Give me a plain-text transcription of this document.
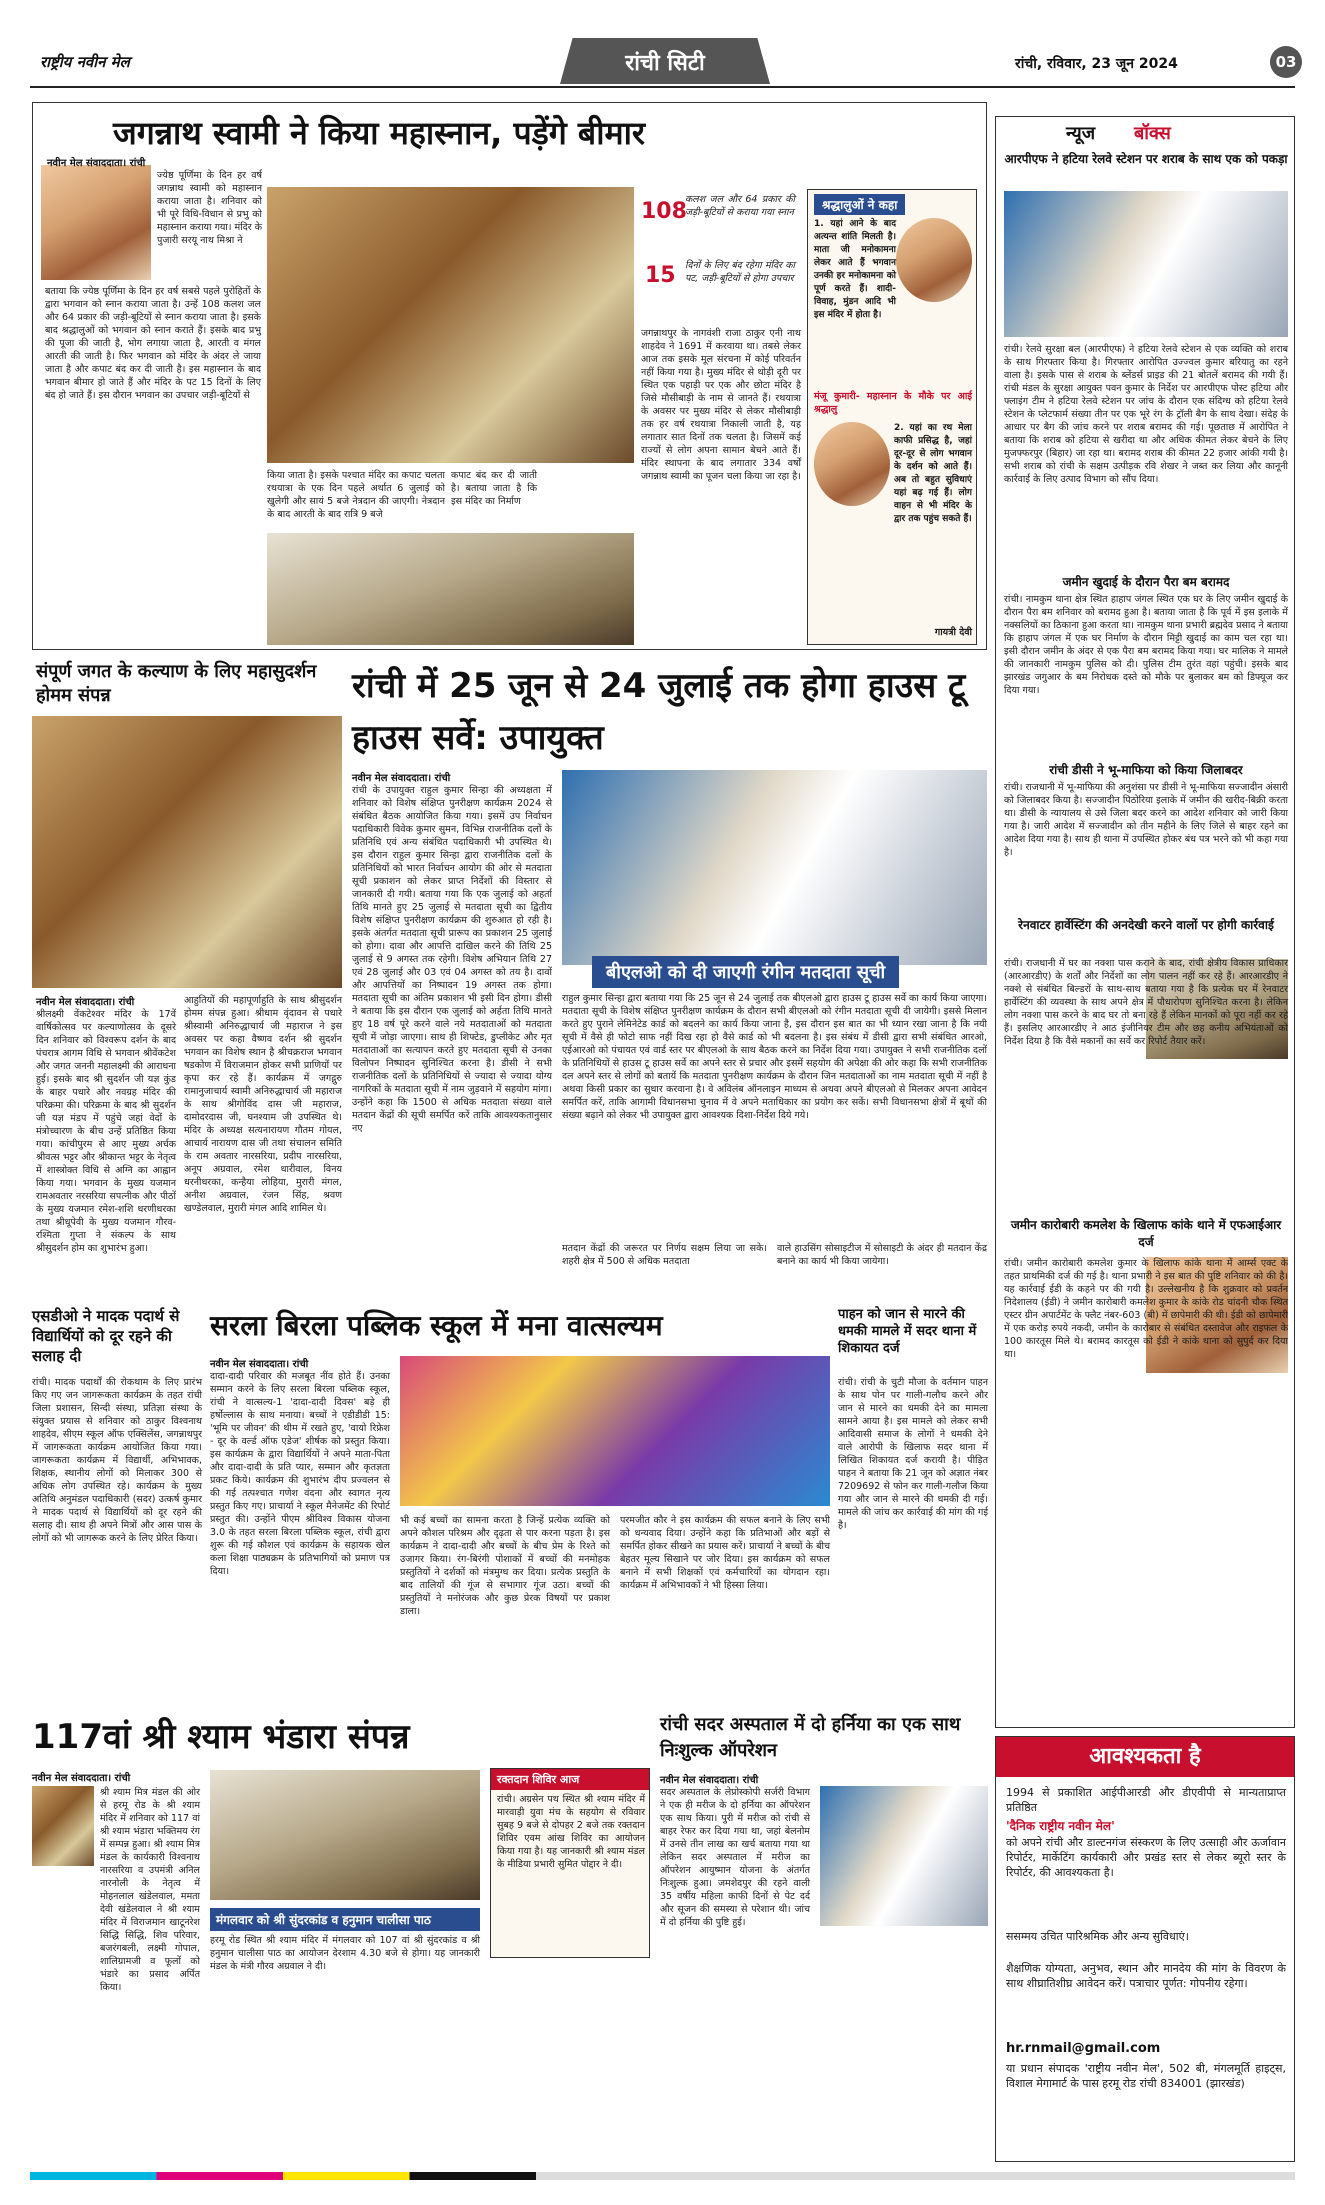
राष्ट्रीय नवीन मेल	रांची सिटी	रांची, रविवार, 23 जून 2024	03
जगन्नाथ स्वामी ने किया महास्नान, पड़ेंगे बीमार
नवीन मेल संवाददाता। रांची
ज्येष्ठ पूर्णिमा के दिन हर वर्ष जगन्नाथ स्वामी को महास्नान कराया जाता है। शनिवार को भी पूरे विधि-विधान से प्रभु को महास्नान कराया गया। मंदिर के पुजारी सरयू नाथ मिश्रा ने
बताया कि ज्येष्ठ पूर्णिमा के दिन हर वर्ष सबसे पहले पुरोहितों के द्वारा भगवान को स्नान कराया जाता है। उन्हें 108 कलश जल और 64 प्रकार की जड़ी-बूटियों से स्नान कराया जाता है। इसके बाद श्रद्धालुओं को भगवान को स्नान कराते हैं। इसके बाद प्रभु की पूजा की जाती है, भोग लगाया जाता है, आरती व मंगल आरती की जाती है। फिर भगवान को मंदिर के अंदर ले जाया जाता है और कपाट बंद कर दी जाती है। इस महास्नान के बाद भगवान बीमार हो जाते हैं और मंदिर के पट 15 दिनों के लिए बंद हो जाते हैं। इस दौरान भगवान का उपचार जड़ी-बूटियों से
किया जाता है। इसके पश्चात मंदिर का कपाट चलता रथयात्रा के एक दिन पहले अर्थात 6 जुलाई को खुलेगी और सायं 5 बजे नेत्रदान की जाएगी। नेत्रदान के बाद आरती के बाद रात्रि 9 बजे
कपाट बंद कर दी जाती है। बताया जाता है कि इस मंदिर का निर्माण
108
कलश जल और 64 प्रकार की जड़ी-बूटियों से कराया गया स्नान
15 दिनों के लिए बंद रहेगा मंदिर का पट, जड़ी-बूटियों से होगा उपचार
जगन्नाथपुर के नागवंशी राजा ठाकुर एनी नाथ शाहदेव ने 1691 में करवाया था। तबसे लेकर आज तक इसके मूल संरचना में कोई परिवर्तन नहीं किया गया है। मुख्य मंदिर से थोड़ी दूरी पर स्थित एक पहाड़ी पर एक और छोटा मंदिर है जिसे मौसीबाड़ी के नाम से जानते हैं। रथयात्रा के अवसर पर मुख्य मंदिर से लेकर मौसीबाड़ी तक हर वर्ष रथयात्रा निकाली जाती है, यह लगातार सात दिनों तक चलता है। जिसमें कई राज्यों से लोग अपना सामान बेचने आते हैं। मंदिर स्थापना के बाद लगातार 334 वर्षों जगन्नाथ स्वामी का पूजन चला किया जा रहा है।
श्रद्धालुओं ने कहा
1. यहां आने के बाद अत्यन्त शांति मिलती है। माता जी मनोकामना लेकर आते हैं भगवान उनकी हर मनोकामना को पूर्ण करते हैं। शादी-विवाह, मुंडन आदि भी इस मंदिर में होता है।
मंजू कुमारी- महास्नान के मौके पर आई श्रद्धालु
2. यहां का रथ मेला काफी प्रसिद्ध है, जहां दूर-दूर से लोग भगवान के दर्शन को आते हैं। अब तो बहुत सुविधाएं यहां बढ़ गई हैं। लोग वाहन से भी मंदिर के द्वार तक पहुंच सकते हैं।
गायत्री देवी
संपूर्ण जगत के कल्याण के लिए महासुदर्शन होमम संपन्न
नवीन मेल संवाददाता। रांची
श्रीलक्ष्मी वेंकटेश्वर मंदिर के 17वें वार्षिकोत्सव पर कल्याणोत्सव के दूसरे दिन शनिवार को विश्वरूप दर्शन के बाद पंचरात्र आगम विधि से भगवान श्रीवेंकटेश और जगत जननी महालक्ष्मी की आराधना हुई। इसके बाद श्री सुदर्शन जी यज्ञ कुंड के बाहर पधारे और नवग्रह मंदिर की परिक्रमा की। परिक्रमा के बाद श्री सुदर्शन जी यज्ञ मंडप में पहुंचे जहां वेदों के मंत्रोच्चारण के बीच उन्हें प्रतिष्ठित किया गया। कांचीपुरम से आए मुख्य अर्चक श्रीवत्स भट्टर और श्रीकान्त भट्टर के नेतृत्व में शास्त्रोक्त विधि से अग्नि का आह्वान किया गया। भगवान के मुख्य यजमान रामअवतार नरसरिया सपत्नीक और पीठों के मुख्य यजमान रमेश-शशि धरणीधरका तथा श्रीधूपेवी के मुख्य यजमान गौरव-रश्मिता गुप्ता ने संकल्प के साथ श्रीसुदर्शन होम का शुभारंभ हुआ।
आहुतियों की महापूर्णाहुति के साथ श्रीसुदर्शन होमम संपन्न हुआ। श्रीधाम वृंदावन से पधारे श्रीस्वामी अनिरुद्धाचार्य जी महाराज ने इस अवसर पर कहा वैष्णव दर्शन श्री सुदर्शन भगवान का विशेष स्थान है श्रीचक्रराज भगवान षडकोण में विराजमान होकर सभी प्राणियों पर कृपा कर रहे हैं। कार्यक्रम में जगद्गुरु रामानुजाचार्य स्वामी अनिरुद्धाचार्य जी महाराज के साथ श्रीगोविंद दास जी महाराज, दामोदरदास जी, घनश्याम जी उपस्थित थे। मंदिर के अध्यक्ष सत्यनारायण गौतम गोयल, आचार्य नारायण दास जी तथा संचालन समिति के राम अवतार नारसरिया, प्रदीप नारसरिया, अनूप अग्रवाल, रमेश धारीवाल, विनय धरनीधरका, कन्हैया लोहिया, मुरारी मंगल, अनीश अग्रवाल, रंजन सिंह, श्रवण खण्डेलवाल, मुरारी मंगल आदि शामिल थे।
रांची में 25 जून से 24 जुलाई तक होगा हाउस टू हाउस सर्वे: उपायुक्त
नवीन मेल संवाददाता। रांची
रांची के उपायुक्त राहुल कुमार सिन्हा की अध्यक्षता में शनिवार को विशेष संक्षिप्त पुनरीक्षण कार्यक्रम 2024 से संबंधित बैठक आयोजित किया गया। इसमें उप निर्वाचन पदाधिकारी विवेक कुमार सुमन, विभिन्न राजनीतिक दलों के प्रतिनिधि एवं अन्य संबंधित पदाधिकारी भी उपस्थित थे। इस दौरान राहुल कुमार सिन्हा द्वारा राजनीतिक दलों के प्रतिनिधियों को भारत निर्वाचन आयोग की ओर से मतदाता सूची प्रकाशन को लेकर प्राप्त निर्देशों की विस्तार से जानकारी दी गयी। बताया गया कि एक जुलाई को अहर्ता तिथि मानते हुए 25 जुलाई से मतदाता सूची का द्वितीय विशेष संक्षिप्त पुनरीक्षण कार्यक्रम की शुरुआत हो रही है। इसके अंतर्गत मतदाता सूची प्रारूप का प्रकाशन 25 जुलाई को होगा। दावा और आपत्ति दाखिल करने की तिथि 25 जुलाई से 9 अगस्त तक रहेगी। विशेष अभियान तिथि 27 एवं 28 जुलाई और 03 एवं 04 अगस्त को तय है। दावों और आपत्तियों का निष्पादन 19 अगस्त तक होगा। मतदाता सूची का अंतिम प्रकाशन भी इसी दिन होगा। डीसी ने बताया कि इस दौरान एक जुलाई को अर्हता तिथि मानते हुए 18 वर्ष पूरे करने वाले नये मतदाताओं को मतदाता सूची में जोड़ा जाएगा। साथ ही शिफ्टेड, डुप्लीकेट और मृत मतदाताओं का सत्यापन करते हुए मतदाता सूची से उनका विलोपन निष्पादन सुनिश्चित करना है। डीसी ने सभी राजनीतिक दलों के प्रतिनिधियों से ज्यादा से ज्यादा योग्य नागरिकों के मतदाता सूची में नाम जुड़वाने में सहयोग मांगा। उन्होंने कहा कि 1500 से अधिक मतदाता संख्या वाले मतदान केंद्रों की सूची समर्पित करें ताकि आवश्यकतानुसार नए
बीएलओ को दी जाएगी रंगीन मतदाता सूची
राहुल कुमार सिन्हा द्वारा बताया गया कि 25 जून से 24 जुलाई तक बीएलओ द्वारा हाउस टू हाउस सर्वे का कार्य किया जाएगा। मतदाता सूची के विशेष संक्षिप्त पुनरीक्षण कार्यक्रम के दौरान सभी बीएलओ को रंगीन मतदाता सूची दी जायेगी। इससे मिलान करते हुए पुराने लेमिनेटेड कार्ड को बदलने का कार्य किया जाना है, इस दौरान इस बात का भी ध्यान रखा जाना है कि नयी सूची में वैसे ही फोटो साफ नहीं दिख रहा हो वैसे कार्ड को भी बदलना है। इस संबंध में डीसी द्वारा सभी संबंधित आरओ, एईआरओ को पंचायत एवं वार्ड स्तर पर बीएलओ के साथ बैठक करने का निर्देश दिया गया। उपायुक्त ने सभी राजनीतिक दलों के प्रतिनिधियों से हाउस टू हाउस सर्वे का अपने स्तर से प्रचार और इसमें सहयोग की अपेक्षा की ओर कहा कि सभी राजनीतिक दल अपने स्तर से लोगों को बतायें कि मतदाता पुनरीक्षण कार्यक्रम के दौरान जिन मतदाताओं का नाम मतदाता सूची में नहीं है अथवा किसी प्रकार का सुधार करवाना है। वे अविलंब ऑनलाइन माध्यम से अथवा अपने बीएलओ से मिलकर अपना आवेदन समर्पित करें, ताकि आगामी विधानसभा चुनाव में वे अपने मताधिकार का प्रयोग कर सकें। सभी विधानसभा क्षेत्रों में बूथों की संख्या बढ़ाने को लेकर भी उपायुक्त द्वारा आवश्यक दिशा-निर्देश दिये गये।
मतदान केंद्रों की जरूरत पर निर्णय सक्षम लिया जा सके। शहरी क्षेत्र में 500 से अधिक मतदाता
वाले हाउसिंग सोसाइटीज में सोसाइटी के अंदर ही मतदान केंद्र बनाने का कार्य भी किया जायेगा।
एसडीओ ने मादक पदार्थ से विद्यार्थियों को दूर रहने की सलाह दी
रांची। मादक पदार्थों की रोकथाम के लिए प्रारंभ किए गए जन जागरूकता कार्यक्रम के तहत रांची जिला प्रशासन, सिन्दी संस्था, प्रतिज्ञा संस्था के संयुक्त प्रयास से शनिवार को ठाकुर विश्वनाथ शाहदेव, सीएम स्कूल ऑफ एक्सिलेंस, जगन्नाथपुर में जागरूकता कार्यक्रम आयोजित किया गया। जागरूकता कार्यक्रम में विद्यार्थी, अभिभावक, शिक्षक, स्थानीय लोगों को मिलाकर 300 से अधिक लोग उपस्थित रहे। कार्यक्रम के मुख्य अतिथि अनुमंडल पदाधिकारी (सदर) उत्कर्ष कुमार ने मादक पदार्थ से विद्यार्थियों को दूर रहने की सलाह दी। साथ ही अपने मित्रों और आस पास के लोगों को भी जागरूक करने के लिए प्रेरित किया।
सरला बिरला पब्लिक स्कूल में मना वात्सल्यम
नवीन मेल संवाददाता। रांची
दादा-दादी परिवार की मजबूत नींव होते हैं। उनका सम्मान करने के लिए सरला बिरला पब्लिक स्कूल, रांची ने वात्सल्य-1 'दादा-दादी दिवस' बड़े ही हर्षोल्लास के साथ मनाया। बच्चों ने एडीडीडी 15: 'भूमि पर जीवन' की थीम में रखते हुए, 'वायो रिफ्रेश - दूर के वर्ल्ड ऑफ एडेज' शीर्षक को प्रस्तुत किया। इस कार्यक्रम के द्वारा विद्यार्थियों ने अपने माता-पिता और दादा-दादी के प्रति प्यार, सम्मान और कृतज्ञता प्रकट किये। कार्यक्रम की शुभारंभ दीप प्रज्वलन से की गई तत्पश्चात गणेश वंदना और स्वागत नृत्य प्रस्तुत किए गए। प्राचार्या ने स्कूल मैनेजमेंट की रिपोर्ट प्रस्तुत की। उन्होंने पीएम श्रीविश्व विकास योजना 3.0 के तहत सरला बिरला पब्लिक स्कूल, रांची द्वारा शुरू की गई कौशल एवं कार्यक्रम के सहायक खेल कला शिक्षा पाठ्यक्रम के प्रतिभागियों को प्रमाण पत्र दिया।
भी कई बच्चों का सामना करता है जिन्हें प्रत्येक व्यक्ति को अपने कौशल परिश्रम और दृढ़ता से पार करना पड़ता है। इस कार्यक्रम ने दादा-दादी और बच्चों के बीच प्रेम के रिश्ते को उजागर किया। रंग-बिरंगी पोशाकों में बच्चों की मनमोहक प्रस्तुतियों ने दर्शकों को मंत्रमुग्ध कर दिया। प्रत्येक प्रस्तुति के बाद तालियों की गूंज से सभागार गूंज उठा। बच्चों की प्रस्तुतियों ने मनोरंजक और कुछ प्रेरक विषयों पर प्रकाश डाला।
परमजीत कौर ने इस कार्यक्रम की सफल बनाने के लिए सभी को धन्यवाद दिया। उन्होंने कहा कि प्रतिभाओं और बड़ों से समर्पित होकर सीखने का प्रयास करें। प्राचार्या ने बच्चों के बीच बेहतर मूल्य सिखाने पर जोर दिया। इस कार्यक्रम को सफल बनाने में सभी शिक्षकों एवं कर्मचारियों का योगदान रहा। कार्यक्रम में अभिभावकों ने भी हिस्सा लिया।
पाहन को जान से मारने की धमकी मामले में सदर थाना में शिकायत दर्ज
रांची। रांची के चुटी मौजा के वर्तमान पाहन के साथ पोन पर गाली-गलौच करने और जान से मारने का धमकी देने का मामला सामने आया है। इस मामले को लेकर सभी आदिवासी समाज के लोगों ने धमकी देने वाले आरोपी के खिलाफ सदर थाना में लिखित शिकायत दर्ज करायी है। पीड़ित पाहन ने बताया कि 21 जून को अज्ञात नंबर 7209692 से फोन कर गाली-गलौज किया गया और जान से मारने की धमकी दी गई। मामले की जांच कर कार्रवाई की मांग की गई है।
117वां श्री श्याम भंडारा संपन्न
नवीन मेल संवाददाता। रांची
श्री श्याम मित्र मंडल की ओर से हरमू रोड के श्री श्याम मंदिर में शनिवार को 117 वां श्री श्याम भंडारा भक्तिमय रंग में सम्पन्न हुआ। श्री श्याम मित्र मंडल के कार्यकारी विश्वनाथ नारसरिया व उपमंत्री अनिल नारनोली के नेतृत्व में मोहनलाल खंडेलवाल, ममता देवी खंडेलवाल ने श्री श्याम मंदिर में विराजमान खाटूनरेश सिद्धि सिद्धि, शिव परिवार, बजरंगबली, लक्ष्मी गोपाल, शालिग्रामजी व फूलों को भंडारे का प्रसाद अर्पित किया।
मंगलवार को श्री सुंदरकांड व हनुमान चालीसा पाठ
हरमू रोड स्थित श्री श्याम मंदिर में मंगलवार को 107 वां श्री सुंदरकांड व श्री हनुमान चालीसा पाठ का आयोजन देरशाम 4.30 बजे से होगा। यह जानकारी मंडल के मंत्री गौरव अग्रवाल ने दी।
रक्तदान शिविर आज
रांची। अग्रसेन पथ स्थित श्री श्याम मंदिर में मारवाड़ी युवा मंच के सहयोग से रविवार सुबह 9 बजे से दोपहर 2 बजे तक रक्तदान शिविर एवम आंख शिविर का आयोजन किया गया है। यह जानकारी श्री श्याम मंडल के मीडिया प्रभारी सुमित पोद्दार ने दी।
रांची सदर अस्पताल में दो हर्निया का एक साथ निःशुल्क ऑपरेशन
नवीन मेल संवाददाता। रांची
सदर अस्पताल के लेप्रोस्कोपी सर्जरी विभाग ने एक ही मरीज के दो हर्निया का ऑपरेशन एक साथ किया। पुरी में मरीज को रांची से बाहर रेफर कर दिया गया था, जहां बेलनोम में उनसे तीन लाख का खर्च बताया गया था लेकिन सदर अस्पताल में मरीज का ऑपरेशन आयुष्मान योजना के अंतर्गत निःशुल्क हुआ। जमशेदपुर की रहने वाली 35 वर्षीय महिला काफी दिनों से पेट दर्द और सूजन की समस्या से परेशान थी। जांच में दो हर्निया की पुष्टि हुई।
न्यूज बॉक्स
आरपीएफ ने हटिया रेलवे स्टेशन पर शराब के साथ एक को पकड़ा
रांची। रेलवे सुरक्षा बल (आरपीएफ) ने हटिया रेलवे स्टेशन से एक व्यक्ति को शराब के साथ गिरफ्तार किया है। गिरफ्तार आरोपित उज्ज्वल कुमार बरियातु का रहने वाला है। इसके पास से शराब के ब्लेंडर्स प्राइड की 21 बोतलें बरामद की गयी हैं। रांची मंडल के सुरक्षा आयुक्त पवन कुमार के निर्देश पर आरपीएफ पोस्ट हटिया और फ्लाइंग टीम ने हटिया रेलवे स्टेशन पर जांच के दौरान एक संदिग्ध को हटिया रेलवे स्टेशन के प्लेटफार्म संख्या तीन पर एक भूरे रंग के ट्रॉली बैग के साथ देखा। संदेह के आधार पर बैग की जांच करने पर शराब बरामद की गई। पूछताछ में आरोपित ने बताया कि शराब को हटिया से खरीदा था और अधिक कीमत लेकर बेचने के लिए मुजफ्फरपुर (बिहार) जा रहा था। बरामद शराब की कीमत 22 हजार आंकी गयी है। सभी शराब को रांची के सक्षम उत्पीड़क रवि शेखर ने जब्त कर लिया और कानूनी कार्रवाई के लिए उत्पाद विभाग को सौंप दिया।
जमीन खुदाई के दौरान पैरा बम बरामद
रांची। नामकुम थाना क्षेत्र स्थित हाहाप जंगल स्थित एक घर के लिए जमीन खुदाई के दौरान पैरा बम शनिवार को बरामद हुआ है। बताया जाता है कि पूर्व में इस इलाके में नक्सलियों का ठिकाना हुआ करता था। नामकुम थाना प्रभारी ब्रह्मदेव प्रसाद ने बताया कि हाहाप जंगल में एक घर निर्माण के दौरान मिट्टी खुदाई का काम चल रहा था। इसी दौरान जमीन के अंदर से एक पैरा बम बरामद किया गया। घर मालिक ने मामले की जानकारी नामकुम पुलिस को दी। पुलिस टीम तुरंत वहां पहुंची। इसके बाद झारखंड जगुआर के बम निरोधक दस्ते को मौके पर बुलाकर बम को डिफ्यूज कर दिया गया।
रांची डीसी ने भू-माफिया को किया जिलाबदर
रांची। राजधानी में भू-माफिया की अनुशंसा पर डीसी ने भू-माफिया सज्जादीन अंसारी को जिलाबदर किया है। सज्जादीन पिठोरिया इलाके में जमीन की खरीद-बिक्री करता था। डीसी के न्यायालय से उसे जिला बदर करने का आदेश शनिवार को जारी किया गया है। जारी आदेश में सज्जादीन को तीन महीने के लिए जिले से बाहर रहने का आदेश दिया गया है। साथ ही थाना में उपस्थित होकर बंध पत्र भरने को भी कहा गया है।
रेनवाटर हार्वेस्टिंग की अनदेखी करने वालों पर होगी कार्रवाई
रांची। राजधानी में घर का नक्शा पास कराने के बाद, रांची क्षेत्रीय विकास प्राधिकार (आरआरडीए) के शर्तों और निर्देशों का लोग पालन नहीं कर रहे हैं। आरआरडीए ने नक्शे से संबंधित बिल्डरों के साथ-साथ बताया गया है कि प्रत्येक घर में रेनवाटर हार्वेस्टिंग की व्यवस्था के साथ अपने क्षेत्र में पौधारोपण सुनिश्चित करना है। लेकिन लोग नक्शा पास करने के बाद घर तो बना रहे हैं लेकिन मानकों को पूरा नहीं कर रहे हैं। इसलिए आरआरडीए ने आठ इंजीनियर टीम और छह कनीय अभियंताओं को निर्देश दिया है कि वैसे मकानों का सर्वे कर रिपोर्ट तैयार करें।
जमीन कारोबारी कमलेश के खिलाफ कांके थाने में एफआईआर दर्ज
रांची। जमीन कारोबारी कमलेश कुमार के खिलाफ कांके थाना में आर्म्स एक्ट के तहत प्राथमिकी दर्ज की गई है। थाना प्रभारी ने इस बात की पुष्टि शनिवार को की है। यह कार्रवाई ईडी के कहने पर की गयी है। उल्लेखनीय है कि शुक्रवार को प्रवर्तन निदेशालय (ईडी) ने जमीन कारोबारी कमलेश कुमार के कांके रोड चांदनी चौक स्थित एस्टर ग्रीन अपार्टमेंट के फ्लैट नंबर-603 (बी) में छापेमारी की थी। ईडी को छापेमारी में एक करोड़ रुपये नकदी, जमीन के कारोबार से संबंधित दस्तावेज और राइफल के 100 कारतूस मिले थे। बरामद कारतूस को ईडी ने कांके थाना को सुपुर्द कर दिया था।
आवश्यकता है
1994 से प्रकाशित आईपीआरडी और डीएवीपी से मान्यताप्राप्त प्रतिष्ठित
'दैनिक राष्ट्रीय नवीन मेल'
को अपने रांची और डाल्टनगंज संस्करण के लिए उत्साही और ऊर्जावान रिपोर्टर, मार्केटिंग कार्यकारी और प्रखंड स्तर से लेकर ब्यूरो स्तर के रिपोर्टर, की आवश्यकता है।
ससम्मय उचित पारिश्रमिक और अन्य सुविधाएं।
शैक्षणिक योग्यता, अनुभव, स्थान और मानदेय की मांग के विवरण के साथ शीघ्रातिशीघ्र आवेदन करें। पत्राचार पूर्णत: गोपनीय रहेगा।
hr.rnmail@gmail.com
या प्रधान संपादक 'राष्ट्रीय नवीन मेल', 502 बी, मंगलमूर्ति हाइट्स, विशाल मेगामार्ट के पास हरमू रोड रांची 834001 (झारखंड)
